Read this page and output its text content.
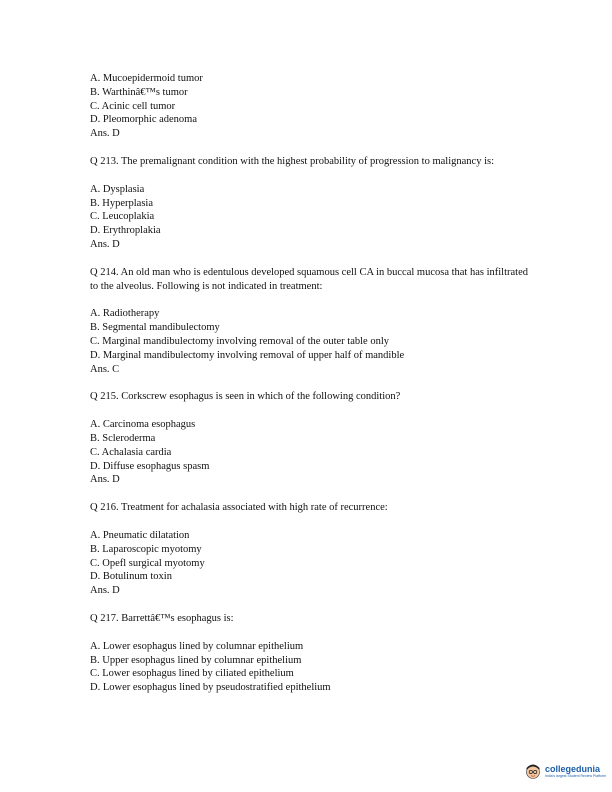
A. Mucoepidermoid tumor
B. Warthinâ€™s tumor
C. Acinic cell tumor
D. Pleomorphic adenoma
Ans. D
Q 213. The premalignant condition with the highest probability of progression to malignancy is:
A. Dysplasia
B. Hyperplasia
C. Leucoplakia
D. Erythroplakia
Ans. D
Q 214. An old man who is edentulous developed squamous cell CA in buccal mucosa that has infiltrated to the alveolus. Following is not indicated in treatment:
A. Radiotherapy
B. Segmental mandibulectomy
C. Marginal mandibulectomy involving removal of the outer table only
D. Marginal mandibulectomy involving removal of upper half of mandible
Ans. C
Q 215. Corkscrew esophagus is seen in which of the following condition?
A. Carcinoma esophagus
B. Scleroderma
C. Achalasia cardia
D. Diffuse esophagus spasm
Ans. D
Q 216. Treatment for achalasia associated with high rate of recurrence:
A. Pneumatic dilatation
B. Laparoscopic myotomy
C. Opefl surgical myotomy
D. Botulinum toxin
Ans. D
Q 217. Barrettâ€™s esophagus is:
A. Lower esophagus lined by columnar epithelium
B. Upper esophagus lined by columnar epithelium
C. Lower esophagus lined by ciliated epithelium
D. Lower esophagus lined by pseudostratified epithelium
collegedunia
India's largest Student Review Platform
